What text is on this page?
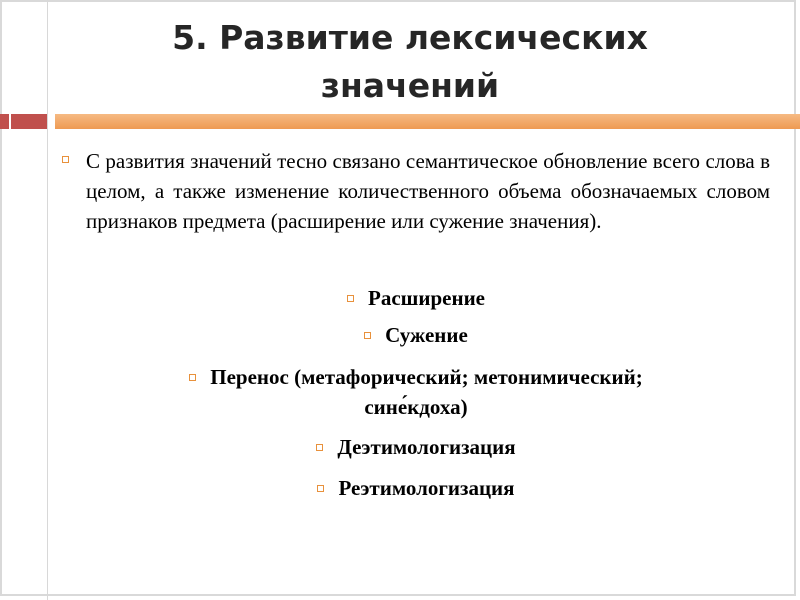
5. Развитие лексических
значений

С развития значений тесно связано семантическое обновление всего слова в целом, а также изменение количественного объема обозначаемых словом признаков предмета (расширение или сужение значения).

Расширение
Сужение
Перенос (метафорический; метонимический;
сине́кдоха)
Деэтимологизация
Реэтимологизация
